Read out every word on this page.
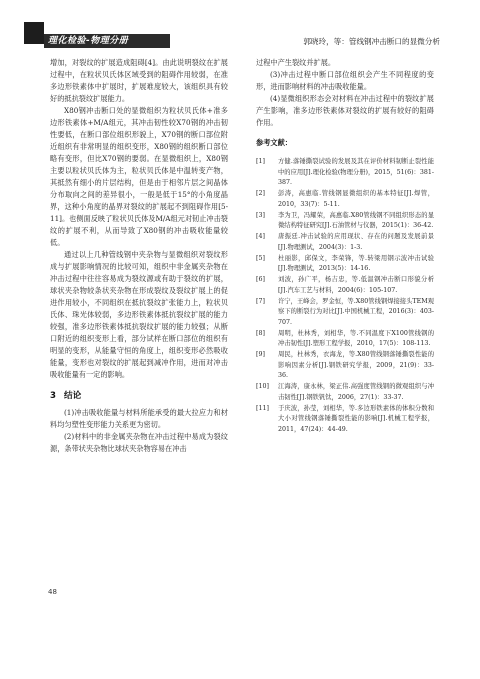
理化检验-物理分册	郭晓玲，等：管线钢冲击断口的显微分析

增加，对裂纹的扩展造成阻碍[4]。由此说明裂纹在扩展过程中，在粒状贝氏体区域受到的阻碍作用较弱，在准多边形铁素体中扩展时，扩展难度较大，该组织具有较好的抵抗裂纹扩展能力。

X80钢冲击断口处的显微组织为粒状贝氏体+准多边形铁素体+M/A组元，其冲击韧性较X70钢的冲击韧性要低，在断口部位组织形貌上，X70钢的断口部位附近组织有非常明显的组织变形，X80钢的组织断口部位略有变形，但比X70钢的要弱。在显微组织上，X80钢主要以粒状贝氏体为主，粒状贝氏体是中温转变产物，其抵然有细小的片层结构，但是由于相邻片层之间晶体分布取向之间的差异很小，一般是低于15°的小角度晶界，这种小角度的晶界对裂纹的扩展起不到阻碍作用[5-11]。也侧面反映了粒状贝氏体及M/A组元对韧止冲击裂纹的扩展不利，从而导致了X80钢的冲击吸收能量较低。

通过以上几种管线钢中夹杂物与显微组织对裂纹形成与扩展影响情况的比较可知，组织中非金属夹杂物在冲击过程中往往容易成为裂纹源或有助于裂纹的扩展，球状夹杂物较条状夹杂物在形成裂纹及裂纹扩展上的促进作用较小，不同组织在抵抗裂纹扩张能力上，粒状贝氏体、珠光体较弱，多边形铁素体抵抗裂纹扩展的能力较强，准多边形铁素体抵抗裂纹扩展的能力较强；从断口附近的组织变形上看，部分试样在断口部位的组织有明显的变形，从能量守恒的角度上，组织变形必然吸收能量，变形也对裂纹的扩展起到减冲作用，进而对冲击吸收能量有一定的影响。

3 结论

(1)冲击吸收能量与材料所能承受的最大拉应力和材料均匀塑性变形能力关系更为密切。

(2)材料中的非金属夹杂物在冲击过程中易成为裂纹源，条带状夹杂物比球状夹杂物容易在冲击

过程中产生裂纹并扩展。

(3)冲击过程中断口部位组织会产生不同程度的变形，进而影响材料的冲击吸收能量。

(4)显微组织形态会对材料在冲击过程中的裂纹扩展产生影响，准多边形铁素体对裂纹的扩展有较好的阻碍作用。

参考文献：
[1]	方健.落锤撕裂试验的发展及其在评价材料韧断止裂性能中的应用[J].理化检验(物理分册)，2015，51(6)：381-387.
[2]	彭涛，高惠临.管线钢显微组织的基本特征[J].焊管，2010，33(7)：5-11.
[3]	李为卫，冯耀荣，高惠临.X80管线钢不同组织形态的显微结构特征研究[J].石油管材与仪器，2015(1)：36-42.
[4]	唐振廷.冲击试验的应用现状、存在的问题及发展前景[J].物理测试，2004(3)：1-3.
[5]	杜丽影，邱保文，李荣锋，等.转梁用钢示波冲击试验[J].物理测试，2013(5)：14-16.
[6]	刘波，孙广平，杨吉忠，等.低温钢冲击断口形貌分析[J].汽车工艺与材料，2004(6)：105-107.
[7]	许宁，王峰会，罗金恒，等.X80管线钢焊接接头TEM观察下的断裂行为对比[J].中国机械工程，2016(3)：403-707.
[8]	周明，杜林秀，刘相华，等.不同温度下X100管线钢的冲击韧性[J].塑形工程学报，2010，17(5)：108-113.
[9]	周民，杜林秀，衣海龙，等.X80管线钢落锤撕裂性能的影响因素分析[J].钢铁研究学报，2009，21(9)：33-36.
[10]	江海涛，康永林，梁正伟.高强度管线钢的微观组织与冲击韧性[J].钢铁钒钛，2006，27(1)：33-37.
[11]	于庆波，孙莹，刘相华，等.多边形铁素体的体积分数和大小对管线钢落锤撕裂性能的影响[J].机械工程学报，2011，47(24)：44-49.
48
